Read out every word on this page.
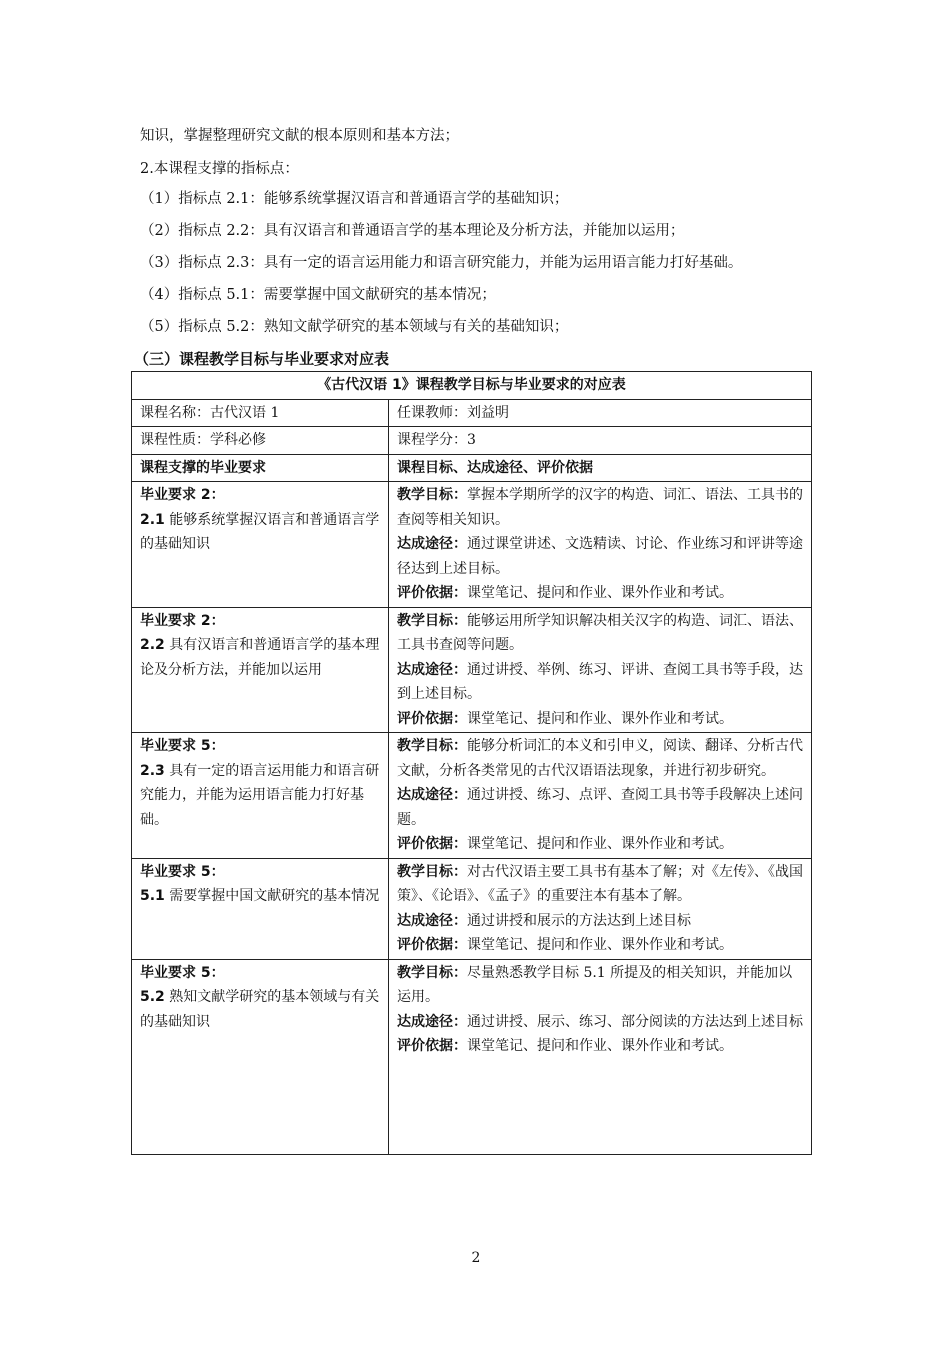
知识，掌握整理研究文献的根本原则和基本方法；
2.本课程支撑的指标点：
（1）指标点 2.1：能够系统掌握汉语言和普通语言学的基础知识；
（2）指标点 2.2：具有汉语言和普通语言学的基本理论及分析方法，并能加以运用；
（3）指标点 2.3：具有一定的语言运用能力和语言研究能力，并能为运用语言能力打好基础。
（4）指标点 5.1：需要掌握中国文献研究的基本情况；
（5）指标点 5.2：熟知文献学研究的基本领域与有关的基础知识；
（三）课程教学目标与毕业要求对应表
《古代汉语 1》课程教学目标与毕业要求的对应表	
课程名称：古代汉语 1	任课教师：刘益明
课程性质：学科必修	课程学分：3
课程支撑的毕业要求	课程目标、达成途径、评价依据

毕业要求 2：
2.1 能够系统掌握汉语言和普通语言学的基础知识	教学目标：掌握本学期所学的汉字的构造、词汇、语法、工具书的查阅等相关知识。
达成途径：通过课堂讲述、文选精读、讨论、作业练习和评讲等途径达到上述目标。
评价依据：课堂笔记、提问和作业、课外作业和考试。

毕业要求 2：
2.2 具有汉语言和普通语言学的基本理论及分析方法，并能加以运用	教学目标：能够运用所学知识解决相关汉字的构造、词汇、语法、工具书查阅等问题。
达成途径：通过讲授、举例、练习、评讲、查阅工具书等手段，达到上述目标。
评价依据：课堂笔记、提问和作业、课外作业和考试。

毕业要求 5：
2.3 具有一定的语言运用能力和语言研究能力，并能为运用语言能力打好基础。	教学目标：能够分析词汇的本义和引申义，阅读、翻译、分析古代文献，分析各类常见的古代汉语语法现象，并进行初步研究。
达成途径：通过讲授、练习、点评、查阅工具书等手段解决上述问题。
评价依据：课堂笔记、提问和作业、课外作业和考试。

毕业要求 5：
5.1 需要掌握中国文献研究的基本情况	教学目标：对古代汉语主要工具书有基本了解；对《左传》、《战国策》、《论语》、《孟子》的重要注本有基本了解。
达成途径：通过讲授和展示的方法达到上述目标
评价依据：课堂笔记、提问和作业、课外作业和考试。

毕业要求 5：
5.2 熟知文献学研究的基本领域与有关的基础知识	教学目标：尽量熟悉教学目标 5.1 所提及的相关知识，并能加以运用。
达成途径：通过讲授、展示、练习、部分阅读的方法达到上述目标
评价依据：课堂笔记、提问和作业、课外作业和考试。
2
